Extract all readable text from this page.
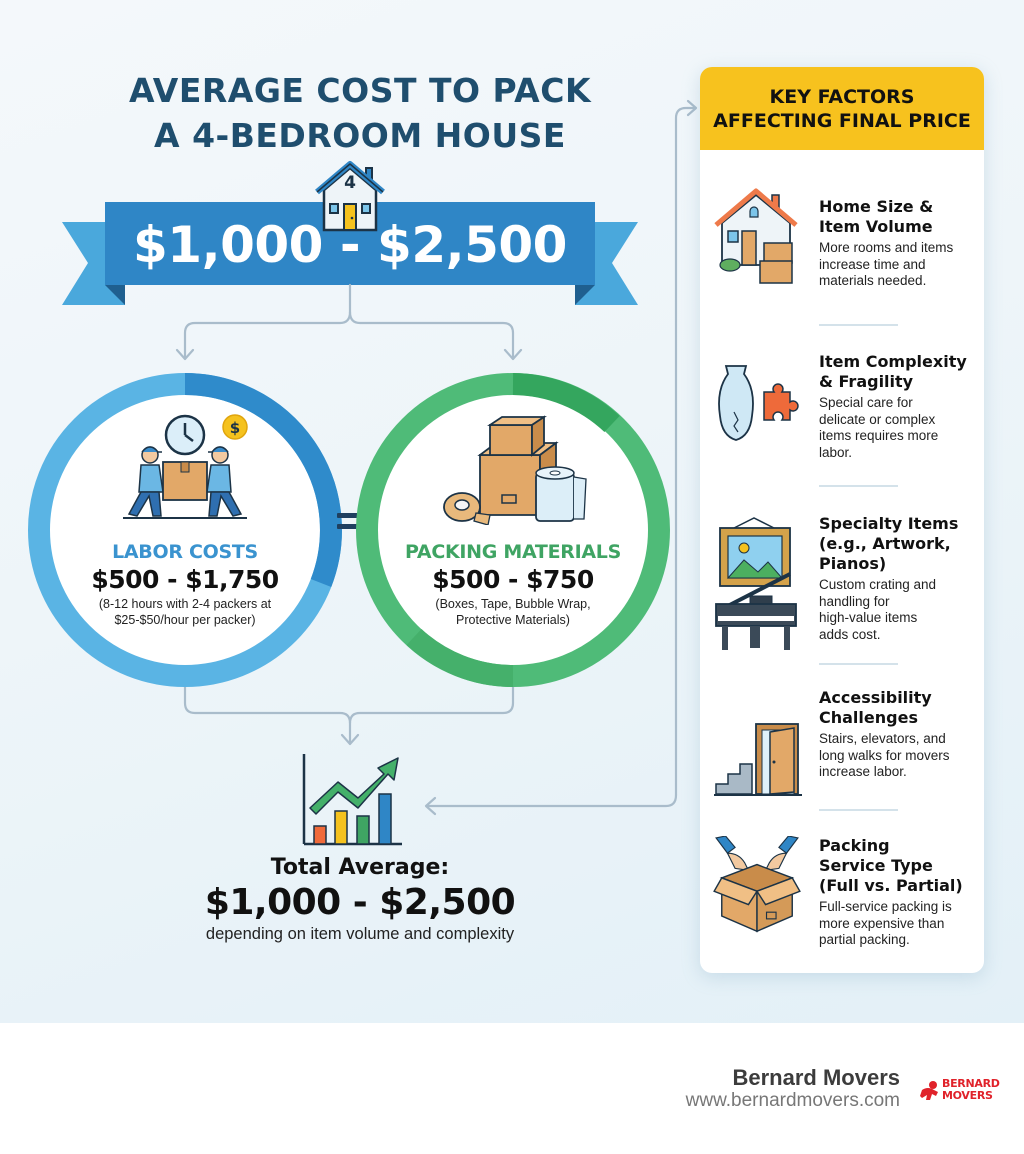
AVERAGE COST TO PACK
A 4-BEDROOM HOUSE
4
$1,000 - $2,500
$
LABOR COSTS
$500 - $1,750
(8-12 hours with 2-4 packers at
$25-$50/hour per packer)
PACKING MATERIALS
$500 - $750
(Boxes, Tape, Bubble Wrap,
Protective Materials)
Total Average:
$1,000 - $2,500
depending on item volume and complexity
KEY FACTORS
AFFECTING FINAL PRICE
Home Size &
Item Volume
More rooms and items
increase time and
materials needed.
Item Complexity
& Fragility
Special care for
delicate or complex
items requires more
labor.
Specialty Items
(e.g., Artwork,
Pianos)
Custom crating and
handling for
high-value items
adds cost.
Accessibility
Challenges
Stairs, elevators, and
long walks for movers
increase labor.
Packing
Service Type
(Full vs. Partial)
Full-service packing is
more expensive than
partial packing.
Bernard Movers
www.bernardmovers.com
BERNARD
MOVERS
